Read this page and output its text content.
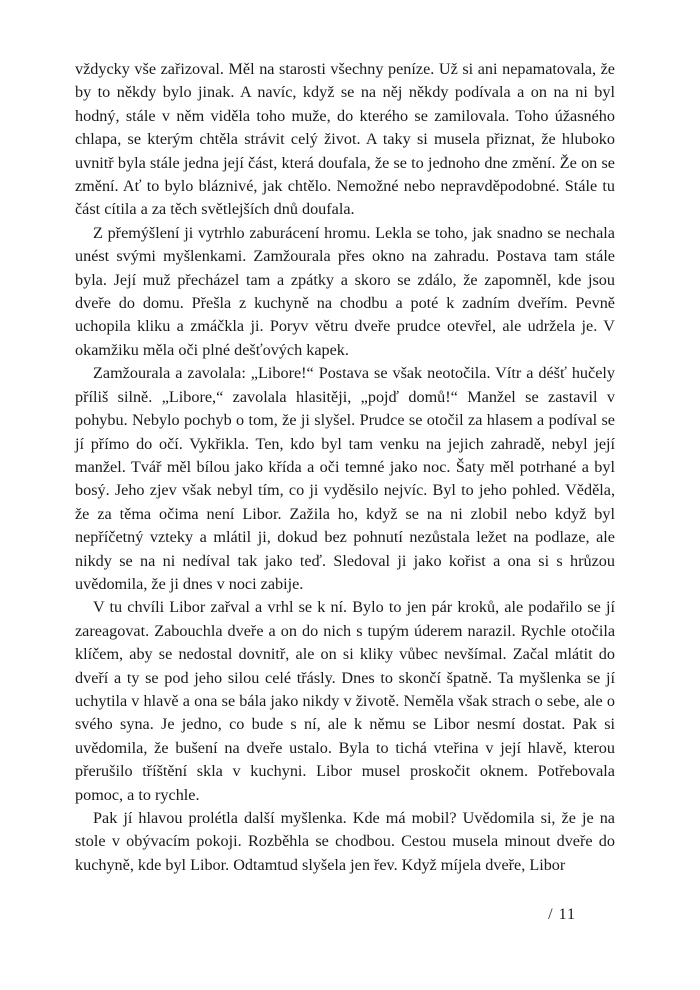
vždycky vše zařizoval. Měl na starosti všechny peníze. Už si ani nepamatovala, že by to někdy bylo jinak. A navíc, když se na něj někdy podívala a on na ni byl hodný, stále v něm viděla toho muže, do kterého se zamilovala. Toho úžasného chlapa, se kterým chtěla strávit celý život. A taky si musela přiznat, že hluboko uvnitř byla stále jedna její část, která doufala, že se to jednoho dne změní. Že on se změní. Ať to bylo bláznivé, jak chtělo. Nemožné nebo nepravděpodobné. Stále tu část cítila a za těch světlejších dnů doufala.

Z přemýšlení ji vytrhlo zaburácení hromu. Lekla se toho, jak snadno se nechala unést svými myšlenkami. Zamžourala přes okno na zahradu. Postava tam stále byla. Její muž přecházel tam a zpátky a skoro se zdálo, že zapomněl, kde jsou dveře do domu. Přešla z kuchyně na chodbu a poté k zadním dveřím. Pevně uchopila kliku a zmáčkla ji. Poryv větru dveře prudce otevřel, ale udržela je. V okamžiku měla oči plné dešťových kapek.

Zamžourala a zavolala: „Libore!“ Postava se však neotočila. Vítr a déšť hučely příliš silně. „Libore,“ zavolala hlasitěji, „pojď domů!“ Manžel se zastavil v pohybu. Nebylo pochyb o tom, že ji slyšel. Prudce se otočil za hlasem a podíval se jí přímo do očí. Vykřikla. Ten, kdo byl tam venku na jejich zahradě, nebyl její manžel. Tvář měl bílou jako křída a oči temné jako noc. Šaty měl potrhané a byl bosý. Jeho zjev však nebyl tím, co ji vyděsilo nejvíc. Byl to jeho pohled. Věděla, že za těma očima není Libor. Zažila ho, když se na ni zlobil nebo když byl nepříčetný vzteky a mlátil ji, dokud bez pohnutí nezůstala ležet na podlaze, ale nikdy se na ni nedíval tak jako teď. Sledoval ji jako kořist a ona si s hrůzou uvědomila, že ji dnes v noci zabije.

V tu chvíli Libor zařval a vrhl se k ní. Bylo to jen pár kroků, ale podařilo se jí zareagovat. Zabouchla dveře a on do nich s tupým úderem narazil. Rychle otočila klíčem, aby se nedostal dovnitř, ale on si kliky vůbec nevšímal. Začal mlátit do dveří a ty se pod jeho silou celé třásly. Dnes to skončí špatně. Ta myšlenka se jí uchytila v hlavě a ona se bála jako nikdy v životě. Neměla však strach o sebe, ale o svého syna. Je jedno, co bude s ní, ale k němu se Libor nesmí dostat. Pak si uvědomila, že bušení na dveře ustalo. Byla to tichá vteřina v její hlavě, kterou přerušilo tříštění skla v kuchyni. Libor musel proskočit oknem. Potřebovala pomoc, a to rychle.

Pak jí hlavou prolétla další myšlenka. Kde má mobil? Uvědomila si, že je na stole v obývacím pokoji. Rozběhla se chodbou. Cestou musela minout dveře do kuchyně, kde byl Libor. Odtamtud slyšela jen řev. Když míjela dveře, Libor

/ 11
